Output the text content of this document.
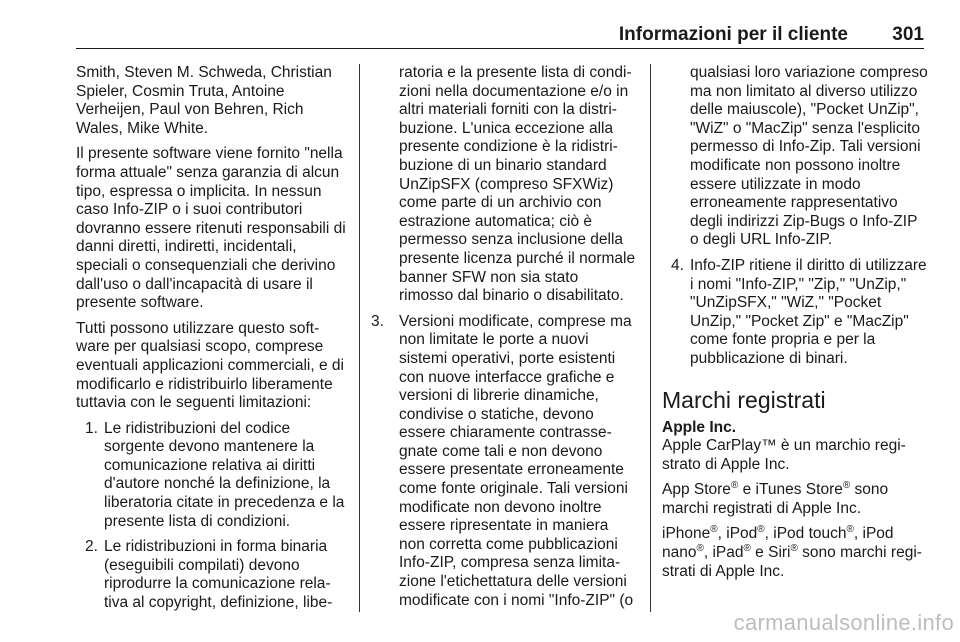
Informazioni per il cliente 301

Smith, Steven M. Schweda, Christian Spieler, Cosmin Truta, Antoine Verheijen, Paul von Behren, Rich Wales, Mike White.

Il presente software viene fornito "nella forma attuale" senza garanzia di alcun tipo, espressa o implicita. In nessun caso Info-ZIP o i suoi contributori dovranno essere ritenuti responsabili di danni diretti, indiretti, incidentali, speciali o consequenziali che derivino dall'uso o dall'incapacità di usare il presente software.

Tutti possono utilizzare questo software per qualsiasi scopo, comprese eventuali applicazioni commerciali, e di modificarlo e ridistribuirlo liberamente tuttavia con le seguenti limitazioni:

1. Le ridistribuzioni del codice sorgente devono mantenere la comunicazione relativa ai diritti d'autore nonché la definizione, la liberatoria citate in precedenza e la presente lista di condizioni.
2. Le ridistribuzioni in forma binaria (eseguibili compilati) devono riprodurre la comunicazione relativa al copyright, definizione, libe-
ratoria e la presente lista di condizioni nella documentazione e/o in altri materiali forniti con la distribuzione. L'unica eccezione alla presente condizione è la ridistribuzione di un binario standard UnZipSFX (compreso SFXWiz) come parte di un archivio con estrazione automatica; ciò è permesso senza inclusione della presente licenza purché il normale banner SFW non sia stato rimosso dal binario o disabilitato.
3. Versioni modificate, comprese ma non limitate le porte a nuovi sistemi operativi, porte esistenti con nuove interfacce grafiche e versioni di librerie dinamiche, condivise o statiche, devono essere chiaramente contrassegnate come tali e non devono essere presentate erroneamente come fonte originale. Tali versioni modificate non devono inoltre essere ripresentate in maniera non corretta come pubblicazioni Info-ZIP, compresa senza limitazione l'etichettatura delle versioni modificate con i nomi "Info-ZIP" (o
qualsiasi loro variazione compreso ma non limitato al diverso utilizzo delle maiuscole), "Pocket UnZip", "WiZ" o "MacZip" senza l'esplicito permesso di Info-Zip. Tali versioni modificate non possono inoltre essere utilizzate in modo erroneamente rappresentativo degli indirizzi Zip-Bugs o Info-ZIP o degli URL Info-ZIP.
4. Info-ZIP ritiene il diritto di utilizzare i nomi "Info-ZIP," "Zip," "UnZip," "UnZipSFX," "WiZ," "Pocket UnZip," "Pocket Zip" e "MacZip" come fonte propria e per la pubblicazione di binari.
Marchi registrati
Apple Inc.

Apple CarPlay™ è un marchio registrato di Apple Inc.

App Store® e iTunes Store® sono marchi registrati di Apple Inc.

iPhone®, iPod®, iPod touch®, iPod nano®, iPad® e Siri® sono marchi registrati di Apple Inc.

carmanualsonline.info
